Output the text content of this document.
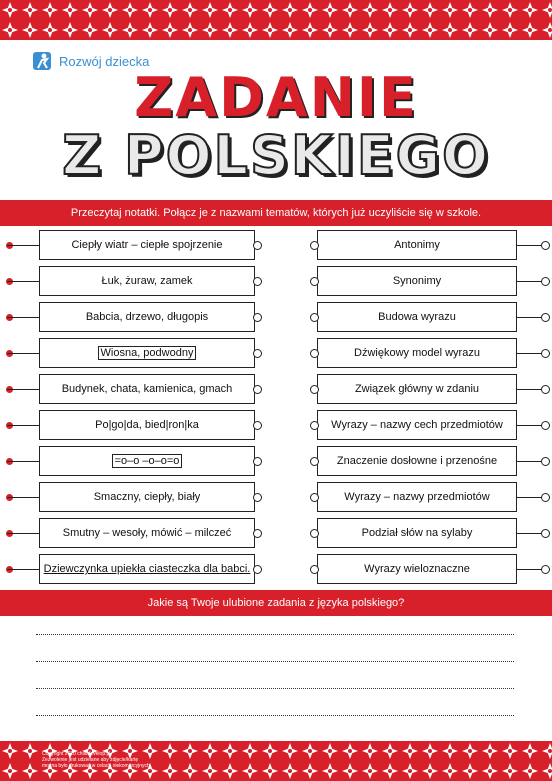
Rozwój dziecka
ZADANIE
Z POLSKIEGO
Przeczytaj notatki. Połącz je z nazwami tematów, których już uczyliście się w szkole.
Ciepły wiatr – ciepłe spojrzenie	Antonimy
Łuk, żuraw, zamek	Synonimy
Babcia, drzewo, długopis	Budowa wyrazu
Wiosna, podwodny	Dźwiękowy model wyrazu
Budynek, chata, kamienica, gmach	Związek główny w zdaniu
Po|go|da, bied|ron|ka	Wyrazy – nazwy cech przedmiotów
=o–o –o–o=o	Znaczenie dosłowne i przenośne
Smaczny, ciepły, biały	Wyrazy – nazwy przedmiotów
Smutny – wesoły, mówić – milczeć	Podział słów na sylaby
Dziewczynka upiekła ciasteczka dla babci.	Wyrazy wieloznaczne
Jakie są Twoje ulubione zadania z języka polskiego?
Copyright 2020 childdevelop.pl
Zezwolenie jest udzielane aby zdjęcie/kartę
można było drukować w celach niekomercyjnych
